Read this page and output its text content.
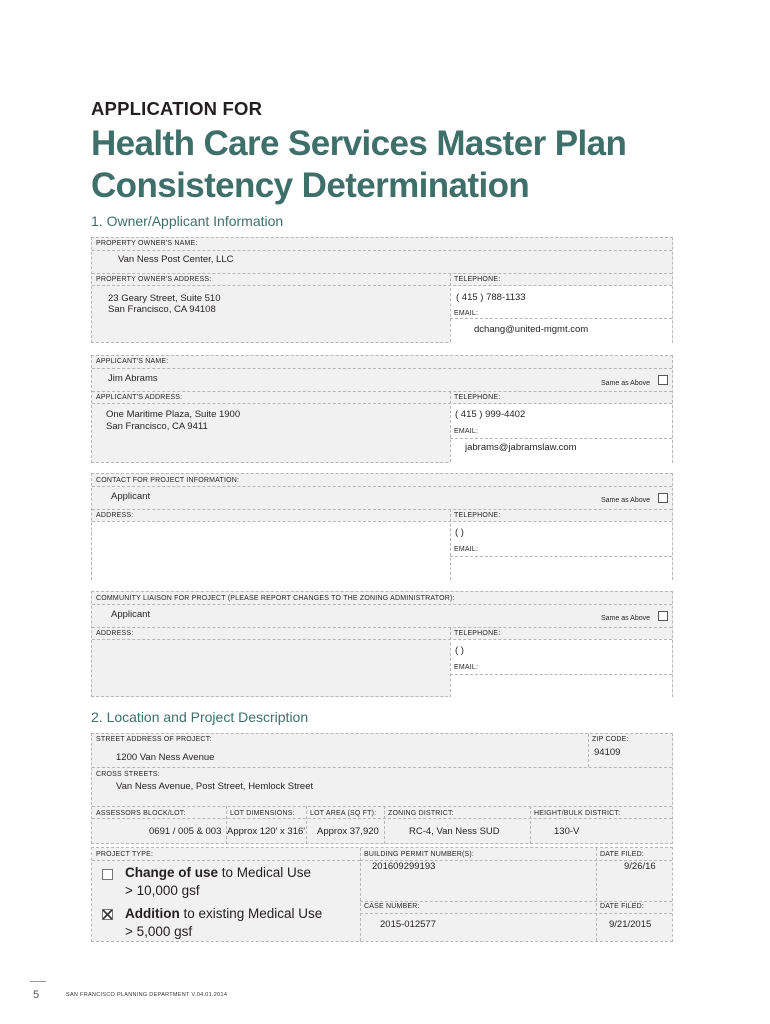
APPLICATION FOR
Health Care Services Master Plan
Consistency Determination
1. Owner/Applicant Information
PROPERTY OWNER'S NAME:
Van Ness Post Center, LLC
PROPERTY OWNER'S ADDRESS:
23 Geary Street, Suite 510
San Francisco, CA 94108
TELEPHONE:
( 415 ) 788-1133
EMAIL:
dchang@united-mgmt.com
APPLICANT'S NAME:
Jim Abrams	Same as Above
APPLICANT'S ADDRESS:
One Maritime Plaza, Suite 1900
San Francisco, CA 9411
TELEPHONE:
( 415 ) 999-4402
EMAIL:
jabrams@jabramslaw.com
CONTACT FOR PROJECT INFORMATION:
Applicant	Same as Above
ADDRESS:	TELEPHONE:
( )
EMAIL:
COMMUNITY LIAISON FOR PROJECT (PLEASE REPORT CHANGES TO THE ZONING ADMINISTRATOR):
Applicant	Same as Above
ADDRESS:	TELEPHONE:
( )
EMAIL:
2. Location and Project Description
STREET ADDRESS OF PROJECT:
1200 Van Ness Avenue
ZIP CODE:
94109
CROSS STREETS:
Van Ness Avenue, Post Street, Hemlock Street
ASSESSORS BLOCK/LOT:
0691 / 005 & 003
LOT DIMENSIONS:
Approx 120' x 316'
LOT AREA (SQ FT):
Approx 37,920
ZONING DISTRICT:
RC-4, Van Ness SUD
HEIGHT/BULK DISTRICT:
130-V
PROJECT TYPE:
Change of use to Medical Use
> 10,000 gsf
Addition to existing Medical Use
> 5,000 gsf
BUILDING PERMIT NUMBER(S):
201609299193
DATE FILED:
9/26/16
CASE NUMBER:
2015-012577
DATE FILED:
9/21/2015
5	SAN FRANCISCO PLANNING DEPARTMENT V.04.01.2014
